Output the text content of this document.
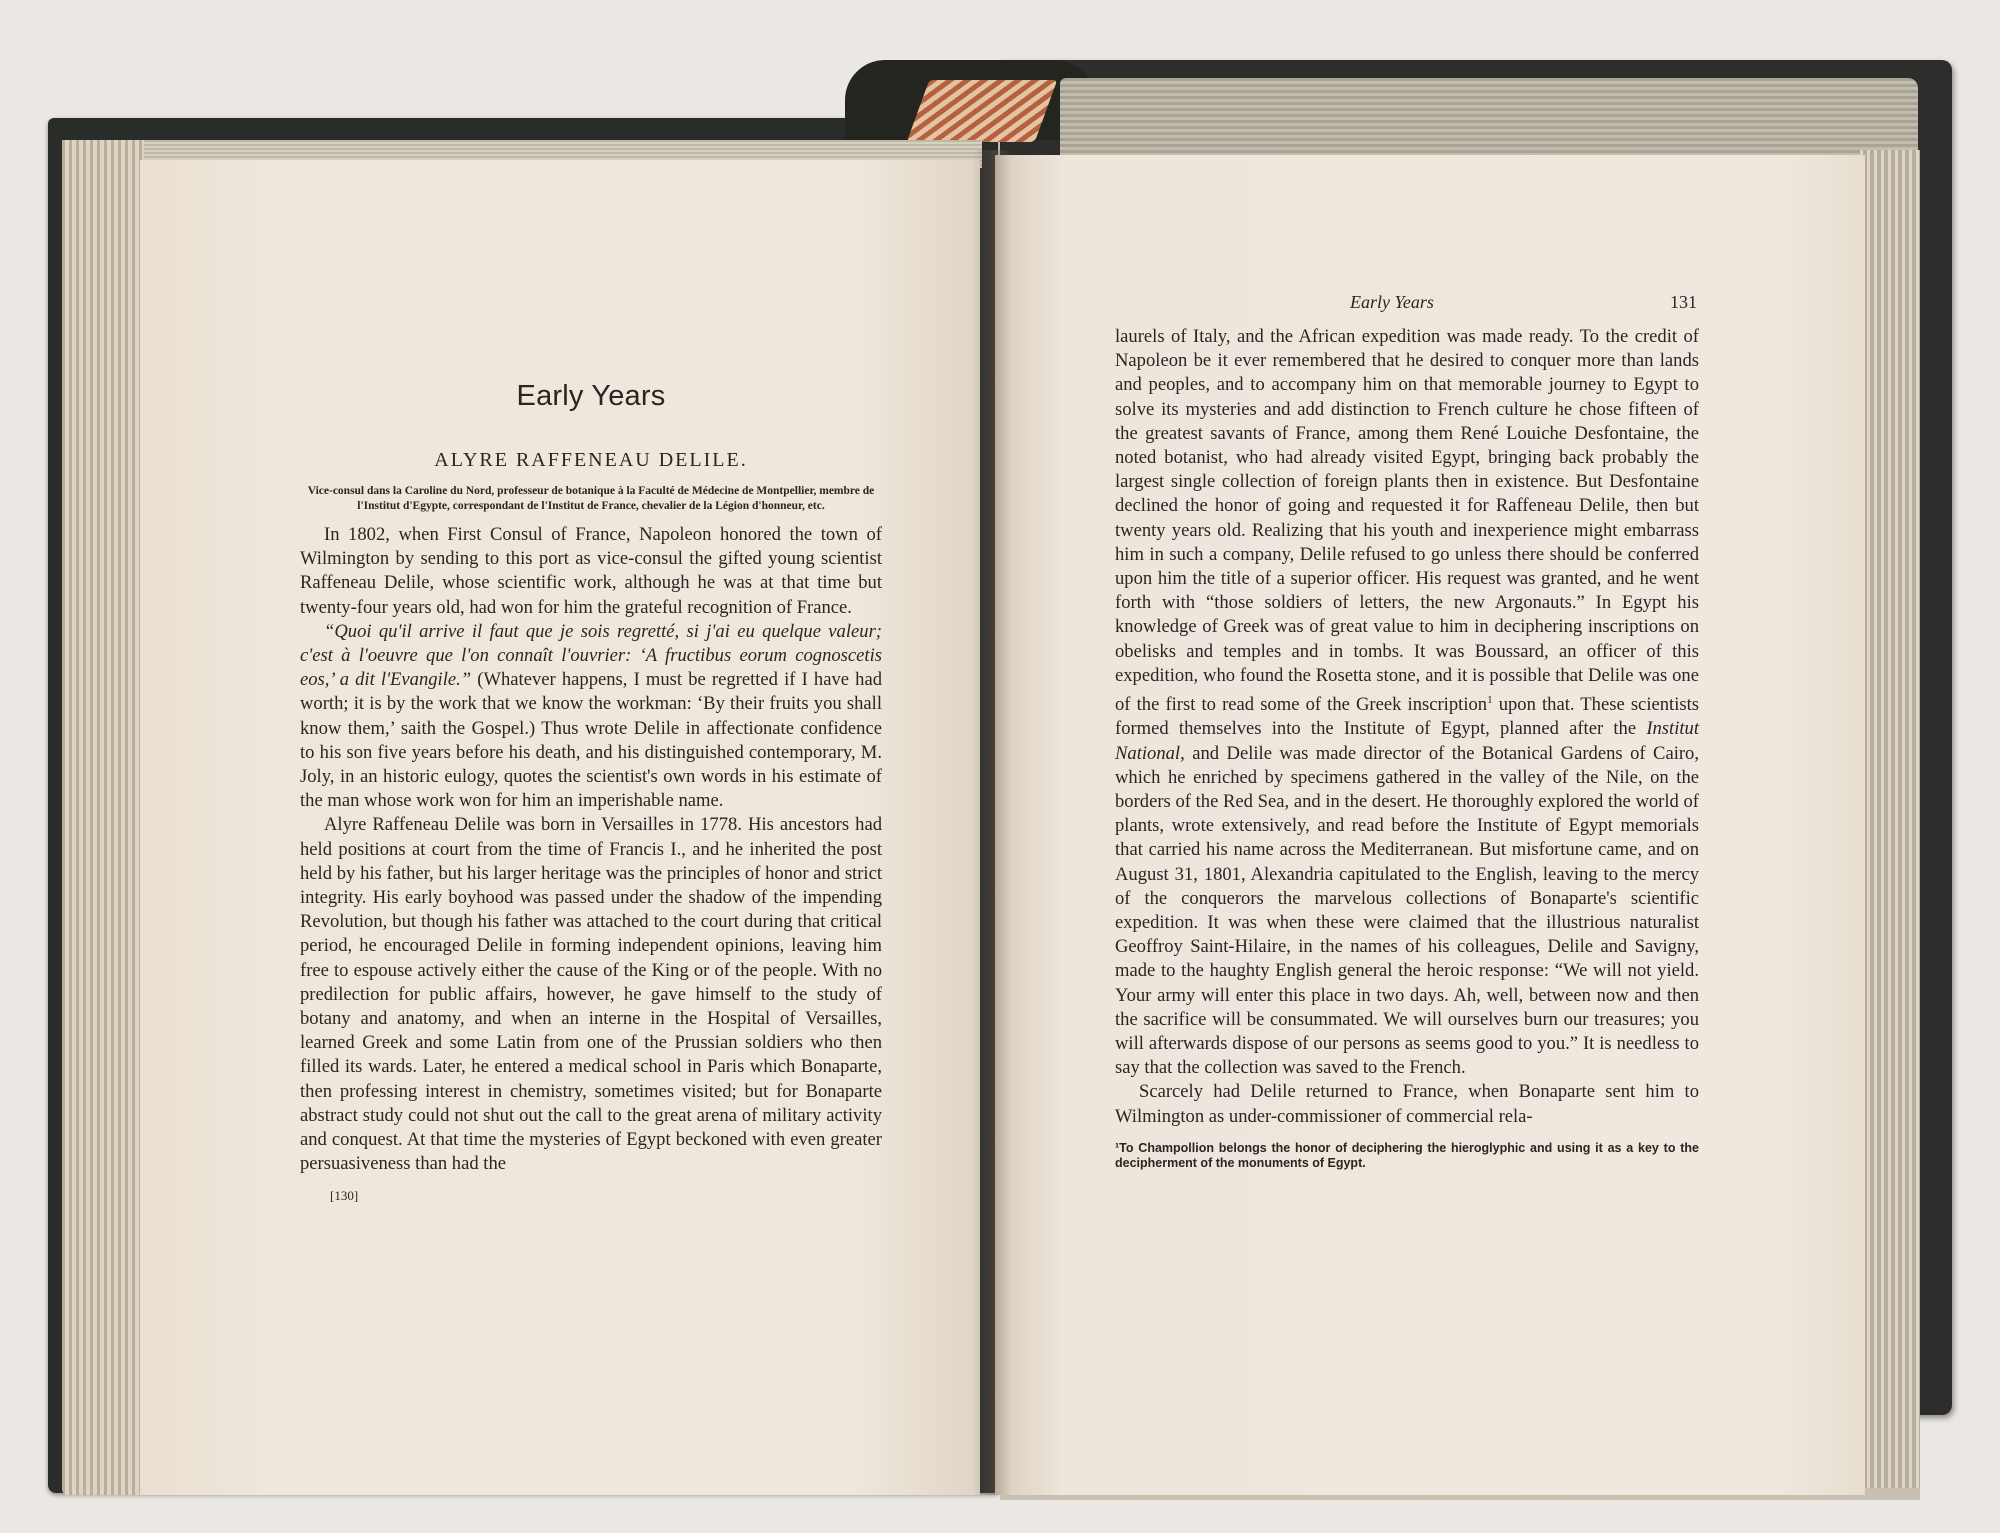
Early Years
ALYRE RAFFENEAU DELILE.
Vice-consul dans la Caroline du Nord, professeur de botanique à la Faculté de Médecine de Montpellier, membre de l'Institut d'Egypte, correspondant de l'Institut de France, chevalier de la Légion d'honneur, etc.

In 1802, when First Consul of France, Napoleon honored the town of Wilmington by sending to this port as vice-consul the gifted young scientist Raffeneau Delile, whose scientific work, although he was at that time but twenty-four years old, had won for him the grateful recognition of France.

“Quoi qu'il arrive il faut que je sois regretté, si j'ai eu quelque valeur; c'est à l'oeuvre que l'on connaît l'ouvrier: ‘A fructibus eorum cognoscetis eos,’ a dit l'Evangile.” (Whatever happens, I must be regretted if I have had worth; it is by the work that we know the workman: ‘By their fruits you shall know them,’ saith the Gospel.) Thus wrote Delile in affectionate confidence to his son five years before his death, and his distinguished contemporary, M. Joly, in an historic eulogy, quotes the scientist's own words in his estimate of the man whose work won for him an imperishable name.

Alyre Raffeneau Delile was born in Versailles in 1778. His ancestors had held positions at court from the time of Francis I., and he inherited the post held by his father, but his larger heritage was the principles of honor and strict integrity. His early boyhood was passed under the shadow of the impending Revolution, but though his father was attached to the court during that critical period, he encouraged Delile in forming independent opinions, leaving him free to espouse actively either the cause of the King or of the people. With no predilection for public affairs, however, he gave himself to the study of botany and anatomy, and when an interne in the Hospital of Versailles, learned Greek and some Latin from one of the Prussian soldiers who then filled its wards. Later, he entered a medical school in Paris which Bonaparte, then professing interest in chemistry, sometimes visited; but for Bonaparte abstract study could not shut out the call to the great arena of military activity and conquest. At that time the mysteries of Egypt beckoned with even greater persuasiveness than had the

[130]
Early Years	131

laurels of Italy, and the African expedition was made ready. To the credit of Napoleon be it ever remembered that he desired to conquer more than lands and peoples, and to accompany him on that memorable journey to Egypt to solve its mysteries and add distinction to French culture he chose fifteen of the greatest savants of France, among them René Louiche Desfontaine, the noted botanist, who had already visited Egypt, bringing back probably the largest single collection of foreign plants then in existence. But Desfontaine declined the honor of going and requested it for Raffeneau Delile, then but twenty years old. Realizing that his youth and inexperience might embarrass him in such a company, Delile refused to go unless there should be conferred upon him the title of a superior officer. His request was granted, and he went forth with “those soldiers of letters, the new Argonauts.” In Egypt his knowledge of Greek was of great value to him in deciphering inscriptions on obelisks and temples and in tombs. It was Boussard, an officer of this expedition, who found the Rosetta stone, and it is possible that Delile was one of the first to read some of the Greek inscription$^1$ upon that. These scientists formed themselves into the Institute of Egypt, planned after the Institut National, and Delile was made director of the Botanical Gardens of Cairo, which he enriched by specimens gathered in the valley of the Nile, on the borders of the Red Sea, and in the desert. He thoroughly explored the world of plants, wrote extensively, and read before the Institute of Egypt memorials that carried his name across the Mediterranean. But misfortune came, and on August 31, 1801, Alexandria capitulated to the English, leaving to the mercy of the conquerors the marvelous collections of Bonaparte's scientific expedition. It was when these were claimed that the illustrious naturalist Geoffroy Saint-Hilaire, in the names of his colleagues, Delile and Savigny, made to the haughty English general the heroic response: “We will not yield. Your army will enter this place in two days. Ah, well, between now and then the sacrifice will be consummated. We will ourselves burn our treasures; you will afterwards dispose of our persons as seems good to you.” It is needless to say that the collection was saved to the French.

Scarcely had Delile returned to France, when Bonaparte sent him to Wilmington as under-commissioner of commercial rela-

¹To Champollion belongs the honor of deciphering the hieroglyphic and using it as a key to the decipherment of the monuments of Egypt.
